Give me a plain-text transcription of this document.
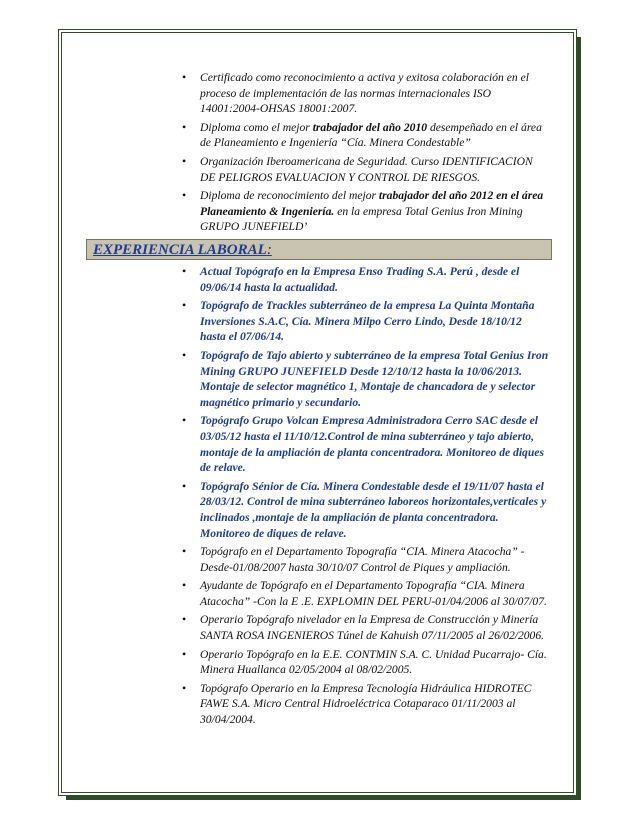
• Certificado como reconocimiento a activa y exitosa colaboración en el proceso de implementación de las normas internacionales ISO 14001:2004-OHSAS 18001:2007.
• Diploma como el mejor trabajador del año 2010 desempeñado en el área de Planeamiento e Ingeniería “Cía. Minera Condestable”
• Organización Iberoamericana de Seguridad. Curso IDENTIFICACION DE PELIGROS EVALUACION Y CONTROL DE RIESGOS.
• Diploma de reconocimiento del mejor trabajador del año 2012 en el área Planeamiento & Ingeniería. en la empresa Total Genius Iron Mining GRUPO JUNEFIELD’
EXPERIENCIA LABORAL:
• Actual Topógrafo en la Empresa Enso Trading S.A. Perú , desde el 09/06/14 hasta la actualidad.
• Topógrafo de Trackles subterráneo de la empresa La Quinta Montaña Inversiones S.A.C, Cía. Minera Milpo Cerro Lindo, Desde 18/10/12 hasta el 07/06/14.
• Topógrafo de Tajo abierto y subterráneo de la empresa Total Genius Iron Mining GRUPO JUNEFIELD Desde 12/10/12 hasta la 10/06/2013. Montaje de selector magnético 1, Montaje de chancadora de y selector magnético primario y secundario.
• Topógrafo Grupo Volcan Empresa Administradora Cerro SAC desde el 03/05/12 hasta el 11/10/12.Control de mina subterráneo y tajo abierto, montaje de la ampliación de planta concentradora. Monitoreo de diques de relave.
• Topógrafo Sénior de Cía. Minera Condestable desde el 19/11/07 hasta el 28/03/12. Control de mina subterráneo laboreos horizontales,verticales y inclinados ,montaje de la ampliación de planta concentradora. Monitoreo de diques de relave.
• Topógrafo en el Departamento Topografía “CIA. Minera Atacocha” -Desde-01/08/2007 hasta 30/10/07 Control de Piques y ampliación.
• Ayudante de Topógrafo en el Departamento Topografía “CIA. Minera Atacocha” -Con la E .E. EXPLOMIN DEL PERU-01/04/2006 al 30/07/07.
• Operario Topógrafo nivelador en la Empresa de Construcción y Minería SANTA ROSA INGENIEROS Túnel de Kahuish 07/11/2005 al 26/02/2006.
• Operario Topógrafo en la E.E. CONTMIN S.A. C. Unidad Pucarrajo- Cía. Minera Huallanca 02/05/2004 al 08/02/2005.
• Topógrafo Operario en la Empresa Tecnología Hidráulica HIDROTEC FAWE S.A. Micro Central Hidroeléctrica Cotaparaco 01/11/2003 al 30/04/2004.
